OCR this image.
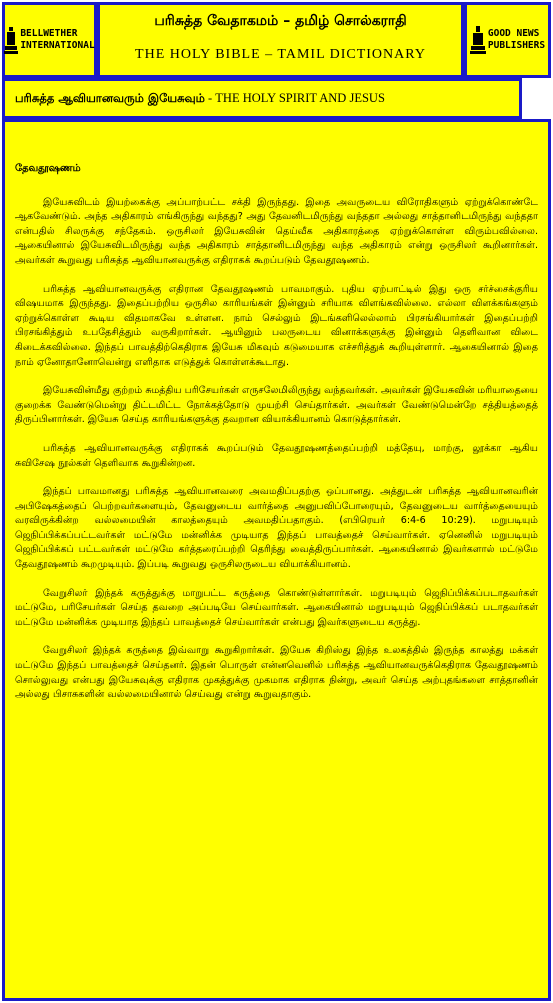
BELLWETHER
INTERNATIONAL
பரிசுத்த வேதாகமம் – தமிழ் சொல்கராதி
THE HOLY BIBLE – TAMIL DICTIONARY
GOOD NEWS
PUBLISHERS
பரிசுத்த ஆவியானவரும் இயேசுவும் - THE HOLY SPIRIT AND JESUS
தேவதூஷணம்

இயேசுவிடம் இயற்கைக்கு அப்பாற்பட்ட சக்தி இருந்தது. இதை அவருடைய விரோதிகளும் ஏற்றுக்கொண்டே ஆகவேண்டும். அந்த அதிகாரம் எங்கிருந்து வந்தது? அது தேவனிடமிருந்து வந்ததா அல்லது சாத்தானிடமிருந்து வந்ததா என்பதில் சிலருக்கு சந்தேகம். ஒருசிலர் இயேசுவின் தெய்வீக அதிகாரத்தை ஏற்றுக்கொள்ள விரும்பவில்லை. ஆகையினால் இயேசுவிடமிருந்து வந்த அதிகாரம் சாத்தானிடமிருந்து வந்த அதிகாரம் என்று ஒருசிலர் கூறினார்கள். அவர்கள் கூறுவது பரிசுத்த ஆவியானவருக்கு எதிராகக் கூறப்படும் தேவதூஷணம்.

பரிசுத்த ஆவியானவருக்கு எதிரான தேவதூஷணம் பாவமாகும். புதிய ஏற்பாட்டில் இது ஒரு சர்ச்சைக்குரிய விஷயமாக இருந்தது. இதைப்பற்றிய ஒருசில காரியங்கள் இன்னும் சரியாக விளங்கவில்லை. எல்லா விளக்கங்களும் ஏற்றுக்கொள்ள கூடிய விதமாகவே உள்ளன. நாம் செல்லும் இடங்களிலெல்லாம் பிரசங்கியார்கள் இதைப்பற்றி பிரசங்கித்தும் உபதேசித்தும் வருகிறார்கள். ஆயினும் பலருடைய வினாக்களுக்கு இன்னும் தெளிவான விடை கிடைக்கவில்லை. இந்தப் பாவத்திற்கெதிராக இயேசு மிகவும் கடுமையாக எச்சரித்துக் கூறியுள்ளார். ஆகையினால் இதை நாம் ஏனோதானோவென்று எளிதாக எடுத்துக் கொள்ளக்கூடாது.

இயேசுவின்மீது குற்றம் சுமத்திய பரிசேயர்கள் எருசலேமிலிருந்து வந்தவர்கள். அவர்கள் இயேசுவின் மரியாதையை குறைக்க வேண்டுமென்று திட்டமிட்ட நோக்கத்தோடு முயற்சி செய்தார்கள். அவர்கள் வேண்டுமென்றே சத்தியத்தைத் திருப்பினார்கள். இயேசு செய்த காரியங்களுக்கு தவறான வியாக்கியானம் கொடுத்தார்கள்.

பரிசுத்த ஆவியானவருக்கு எதிராகக் கூறப்படும் தேவதூஷணத்தைப்பற்றி மத்தேயு, மாற்கு, லூக்கா ஆகிய சுவிசேஷ நூல்கள் தெளிவாக கூறுகின்றன.

இந்தப் பாவமானது பரிசுத்த ஆவியானவரை அவமதிப்பதற்கு ஒப்பானது. அத்துடன் பரிசுத்த ஆவியானவரின் அபிஷேகத்தைப் பெற்றவர்களையும், தேவனுடைய வார்த்தை அனுபவிப்போரையும், தேவனுடைய வார்த்தையையும் வரவிருக்கின்ற வல்லமையின் காலத்தையும் அவமதிப்பதாகும். (எபிரெயர் 6:4-6 10:29). மறுபடியும் ஜெநிப்பிக்கப்பட்டவர்கள் மட்டுமே மன்னிக்க முடியாத இந்தப் பாவத்தைச் செய்வார்கள். ஏனெனில் மறுபடியும் ஜெநிப்பிக்கப் பட்டவர்கள் மட்டுமே கர்த்தரைப்பற்றி தெரிந்து வைத்திருப்பார்கள். ஆகையினால் இவர்களால் மட்டுமே தேவதூஷணம் கூறமுடியும். இப்படி கூறுவது ஒருசிலருடைய வியாக்கியானம்.

வேறுசிலர் இந்தக் கருத்துக்கு மாறுபட்ட கருத்தை கொண்டுள்ளார்கள். மறுபடியும் ஜெநிப்பிக்கப்படாதவர்கள் மட்டுமே, பரிசேயர்கள் செய்த தவறை அப்படியே செய்வார்கள். ஆகையினால் மறுபடியும் ஜெநிப்பிக்கப் படாதவர்கள் மட்டுமே மன்னிக்க முடியாத இந்தப் பாவத்தைச் செய்வார்கள் என்பது இவர்களுடைய கருத்து.

வேறுசிலர் இந்தக் கருத்தை இவ்வாறு கூறுகிறார்கள். இயேசு கிறிஸ்து இந்த உலகத்தில் இருந்த காலத்து மக்கள் மட்டுமே இந்தப் பாவத்தைச் செய்தனர். இதன் பொருள் என்னவெனில் பரிசுத்த ஆவியானவருக்கெதிராக தேவதூஷணம் சொல்லுவது என்பது இயேசுவுக்கு எதிராக முகத்துக்கு முகமாக எதிராக நின்று, அவர் செய்த அற்புதங்களை சாத்தானின் அல்லது பிசாசுகளின் வல்லமையினால் செய்வது என்று கூறுவதாகும்.
